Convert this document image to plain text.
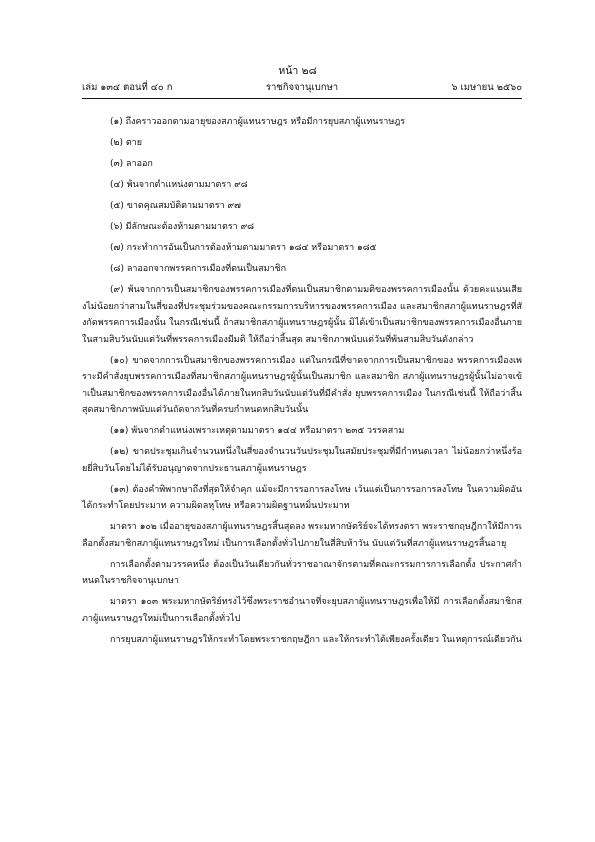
หน้า ๒๘
ราชกิจจานุเบกษา
เล่ม ๑๓๔ ตอนที่ ๔๐ ก	๖ เมษายน ๒๕๖๐

(๑) ถึงคราวออกตามอายุของสภาผู้แทนราษฎร หรือมีการยุบสภาผู้แทนราษฎร

(๒) ตาย

(๓) ลาออก

(๔) พ้นจากตำแหน่งตามมาตรา ๙๘

(๕) ขาดคุณสมบัติตามมาตรา ๙๗

(๖) มีลักษณะต้องห้ามตามมาตรา ๙๘

(๗) กระทำการอันเป็นการต้องห้ามตามมาตรา ๑๘๔ หรือมาตรา ๑๘๕

(๘) ลาออกจากพรรคการเมืองที่ตนเป็นสมาชิก

(๙) พ้นจากการเป็นสมาชิกของพรรคการเมืองที่ตนเป็นสมาชิกตามมติของพรรคการเมืองนั้น ด้วยคะแนนเสียงไม่น้อยกว่าสามในสี่ของที่ประชุมร่วมของคณะกรรมการบริหารของพรรคการเมือง และสมาชิกสภาผู้แทนราษฎรที่สังกัดพรรคการเมืองนั้น ในกรณีเช่นนี้ ถ้าสมาชิกสภาผู้แทนราษฎรผู้นั้น มิได้เข้าเป็นสมาชิกของพรรคการเมืองอื่นภายในสามสิบวันนับแต่วันที่พรรคการเมืองมีมติ ให้ถือว่าสิ้นสุด สมาชิกภาพนับแต่วันที่พ้นสามสิบวันดังกล่าว

(๑๐) ขาดจากการเป็นสมาชิกของพรรคการเมือง แต่ในกรณีที่ขาดจากการเป็นสมาชิกของ พรรคการเมืองเพราะมีคำสั่งยุบพรรคการเมืองที่สมาชิกสภาผู้แทนราษฎรผู้นั้นเป็นสมาชิก และสมาชิก สภาผู้แทนราษฎรผู้นั้นไม่อาจเข้าเป็นสมาชิกของพรรคการเมืองอื่นได้ภายในหกสิบวันนับแต่วันที่มีคำสั่ง ยุบพรรคการเมือง ในกรณีเช่นนี้ ให้ถือว่าสิ้นสุดสมาชิกภาพนับแต่วันถัดจากวันที่ครบกำหนดหกสิบวันนั้น

(๑๑) พ้นจากตำแหน่งเพราะเหตุตามมาตรา ๑๔๔ หรือมาตรา ๒๓๕ วรรคสาม

(๑๒) ขาดประชุมเกินจำนวนหนึ่งในสี่ของจำนวนวันประชุมในสมัยประชุมที่มีกำหนดเวลา ไม่น้อยกว่าหนึ่งร้อยยี่สิบวันโดยไม่ได้รับอนุญาตจากประธานสภาผู้แทนราษฎร

(๑๓) ต้องคำพิพากษาถึงที่สุดให้จำคุก แม้จะมีการรอการลงโทษ เว้นแต่เป็นการรอการลงโทษ ในความผิดอันได้กระทำโดยประมาท ความผิดลหุโทษ หรือความผิดฐานหมิ่นประมาท

มาตรา ๑๐๒ เมื่ออายุของสภาผู้แทนราษฎรสิ้นสุดลง พระมหากษัตริย์จะได้ทรงตรา พระราชกฤษฎีกาให้มีการเลือกตั้งสมาชิกสภาผู้แทนราษฎรใหม่ เป็นการเลือกตั้งทั่วไปภายในสี่สิบห้าวัน นับแต่วันที่สภาผู้แทนราษฎรสิ้นอายุ

การเลือกตั้งตามวรรคหนึ่ง ต้องเป็นวันเดียวกันทั่วราชอาณาจักรตามที่คณะกรรมการการเลือกตั้ง ประกาศกำหนดในราชกิจจานุเบกษา

มาตรา ๑๐๓ พระมหากษัตริย์ทรงไว้ซึ่งพระราชอำนาจที่จะยุบสภาผู้แทนราษฎรเพื่อให้มี การเลือกตั้งสมาชิกสภาผู้แทนราษฎรใหม่เป็นการเลือกตั้งทั่วไป

การยุบสภาผู้แทนราษฎรให้กระทำโดยพระราชกฤษฎีกา และให้กระทำได้เพียงครั้งเดียว ในเหตุการณ์เดียวกัน
